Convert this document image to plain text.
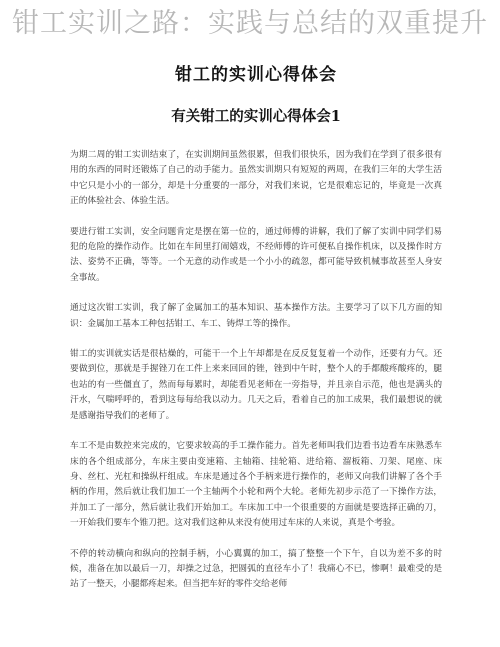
钳工实训之路：实践与总结的双重提升
钳工的实训心得体会
有关钳工的实训心得体会1

为期二周的钳工实训结束了，在实训期间虽然很累，但我们很快乐，因为我们在学到了很多很有用的东西的同时还锻炼了自己的动手能力。虽然实训期只有短短的两周，在我们三年的大学生活中它只是小小的一部分，却是十分重要的一部分，对我们来说，它是很难忘记的，毕竟是一次真正的体验社会、体验生活。

要进行钳工实训，安全问题肯定是摆在第一位的，通过师傅的讲解，我们了解了实训中同学们易犯的危险的操作动作。比如在车间里打闹嬉戏，不经师傅的许可便私自操作机床，以及操作时方法、姿势不正确，等等。一个无意的动作或是一个小小的疏忽，都可能导致机械事故甚至人身安全事故。

通过这次钳工实训，我了解了金属加工的基本知识、基本操作方法。主要学习了以下几方面的知识：金属加工基本工种包括钳工、车工、铸焊工等的操作。

钳工的实训就实话是很枯燥的，可能干一个上午却都是在反反复复着一个动作，还要有力气。还要做到位，那就是手握锉刀在工件上来来回回的锉，锉到中午时，整个人的手都酸疼酸疼的，腿也站的有一些僵直了，然而每每累时，却能看见老师在一旁指导，并且亲自示范，他也是满头的汗水，气喘呼呼的，看到这每每给我以动力。几天之后，看着自己的加工成果，我们最想说的就是感谢指导我们的老师了。

车工不是由数控来完成的，它要求较高的手工操作能力。首先老师叫我们边看书边看车床熟悉车床的各个组成部分，车床主要由变速箱、主轴箱、挂轮箱、进给箱、溜板箱、刀架、尾座、床身、丝杠、光杠和操纵杆组成。车床是通过各个手柄来进行操作的，老师又向我们讲解了各个手柄的作用，然后就让我们加工一个主轴两个小轮和两个大轮。老师先初步示范了一下操作方法，并加工了一部分，然后就让我们开始加工。车床加工中一个很重要的方面就是要选择正确的刀，一开始我们要车个锥刀把。这对我们这种从来没有使用过车床的人来说，真是个考验。

不停的转动横向和纵向的控制手柄，小心翼翼的加工，搞了整整一个下午，自以为差不多的时候，准备在加以最后一刀，却操之过急，把圆弧的直径车小了！我痛心不已，惨啊！最难受的是站了一整天，小腿都疼起来。但当把车好的零件交给老师
